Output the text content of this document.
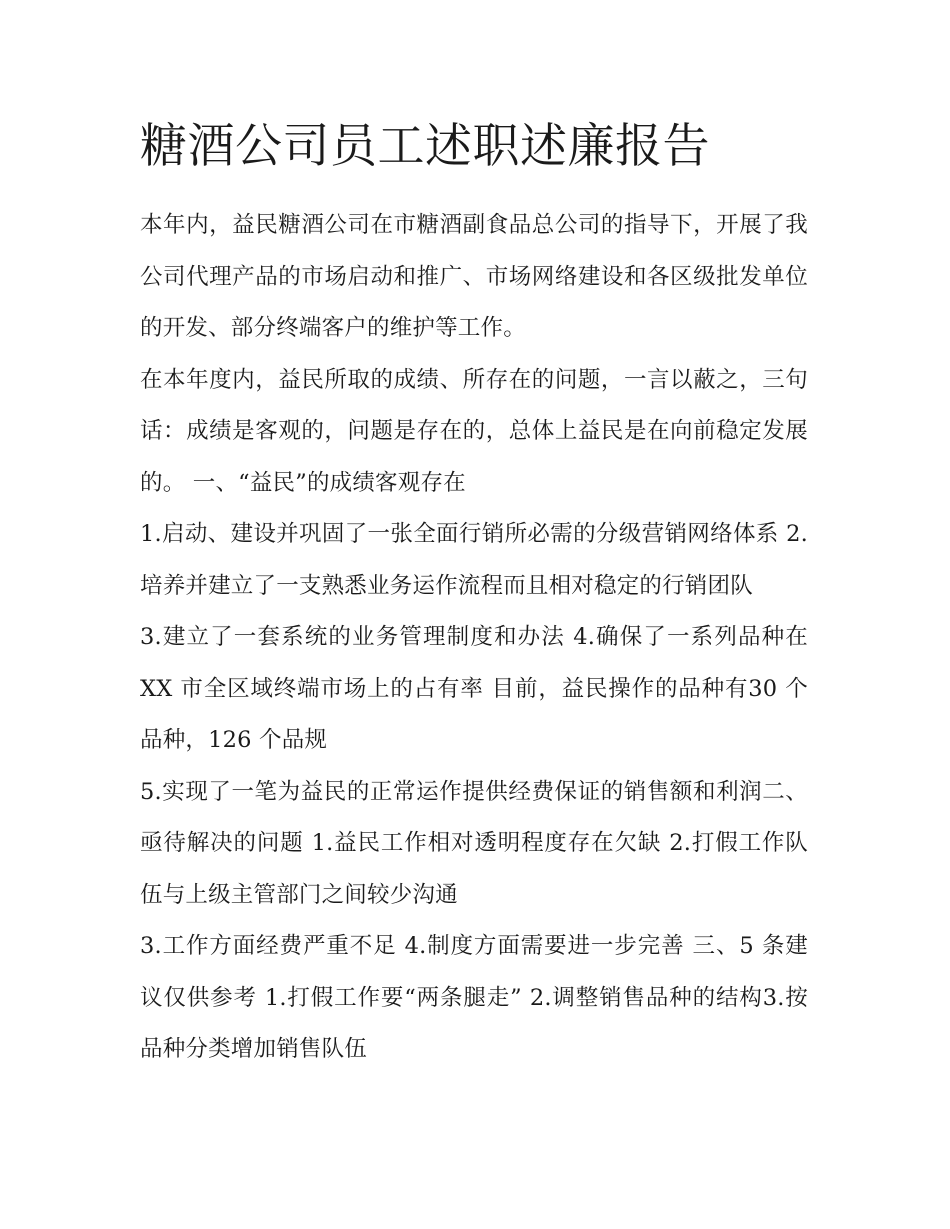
糖酒公司员工述职述廉报告

本年内，益民糖酒公司在市糖酒副食品总公司的指导下，开展了我公司代理产品的市场启动和推广、市场网络建设和各区级批发单位的开发、部分终端客户的维护等工作。

在本年度内，益民所取的成绩、所存在的问题，一言以蔽之，三句话：成绩是客观的，问题是存在的，总体上益民是在向前稳定发展的。 一、“益民”的成绩客观存在

1.启动、建设并巩固了一张全面行销所必需的分级营销网络体系 2.培养并建立了一支熟悉业务运作流程而且相对稳定的行销团队

3.建立了一套系统的业务管理制度和办法 4.确保了一系列品种在 XX 市全区域终端市场上的占有率 目前，益民操作的品种有30 个品种，126 个品规

5.实现了一笔为益民的正常运作提供经费保证的销售额和利润二、亟待解决的问题 1.益民工作相对透明程度存在欠缺 2.打假工作队伍与上级主管部门之间较少沟通

3.工作方面经费严重不足 4.制度方面需要进一步完善 三、5 条建议仅供参考 1.打假工作要“两条腿走” 2.调整销售品种的结构3.按品种分类增加销售队伍
